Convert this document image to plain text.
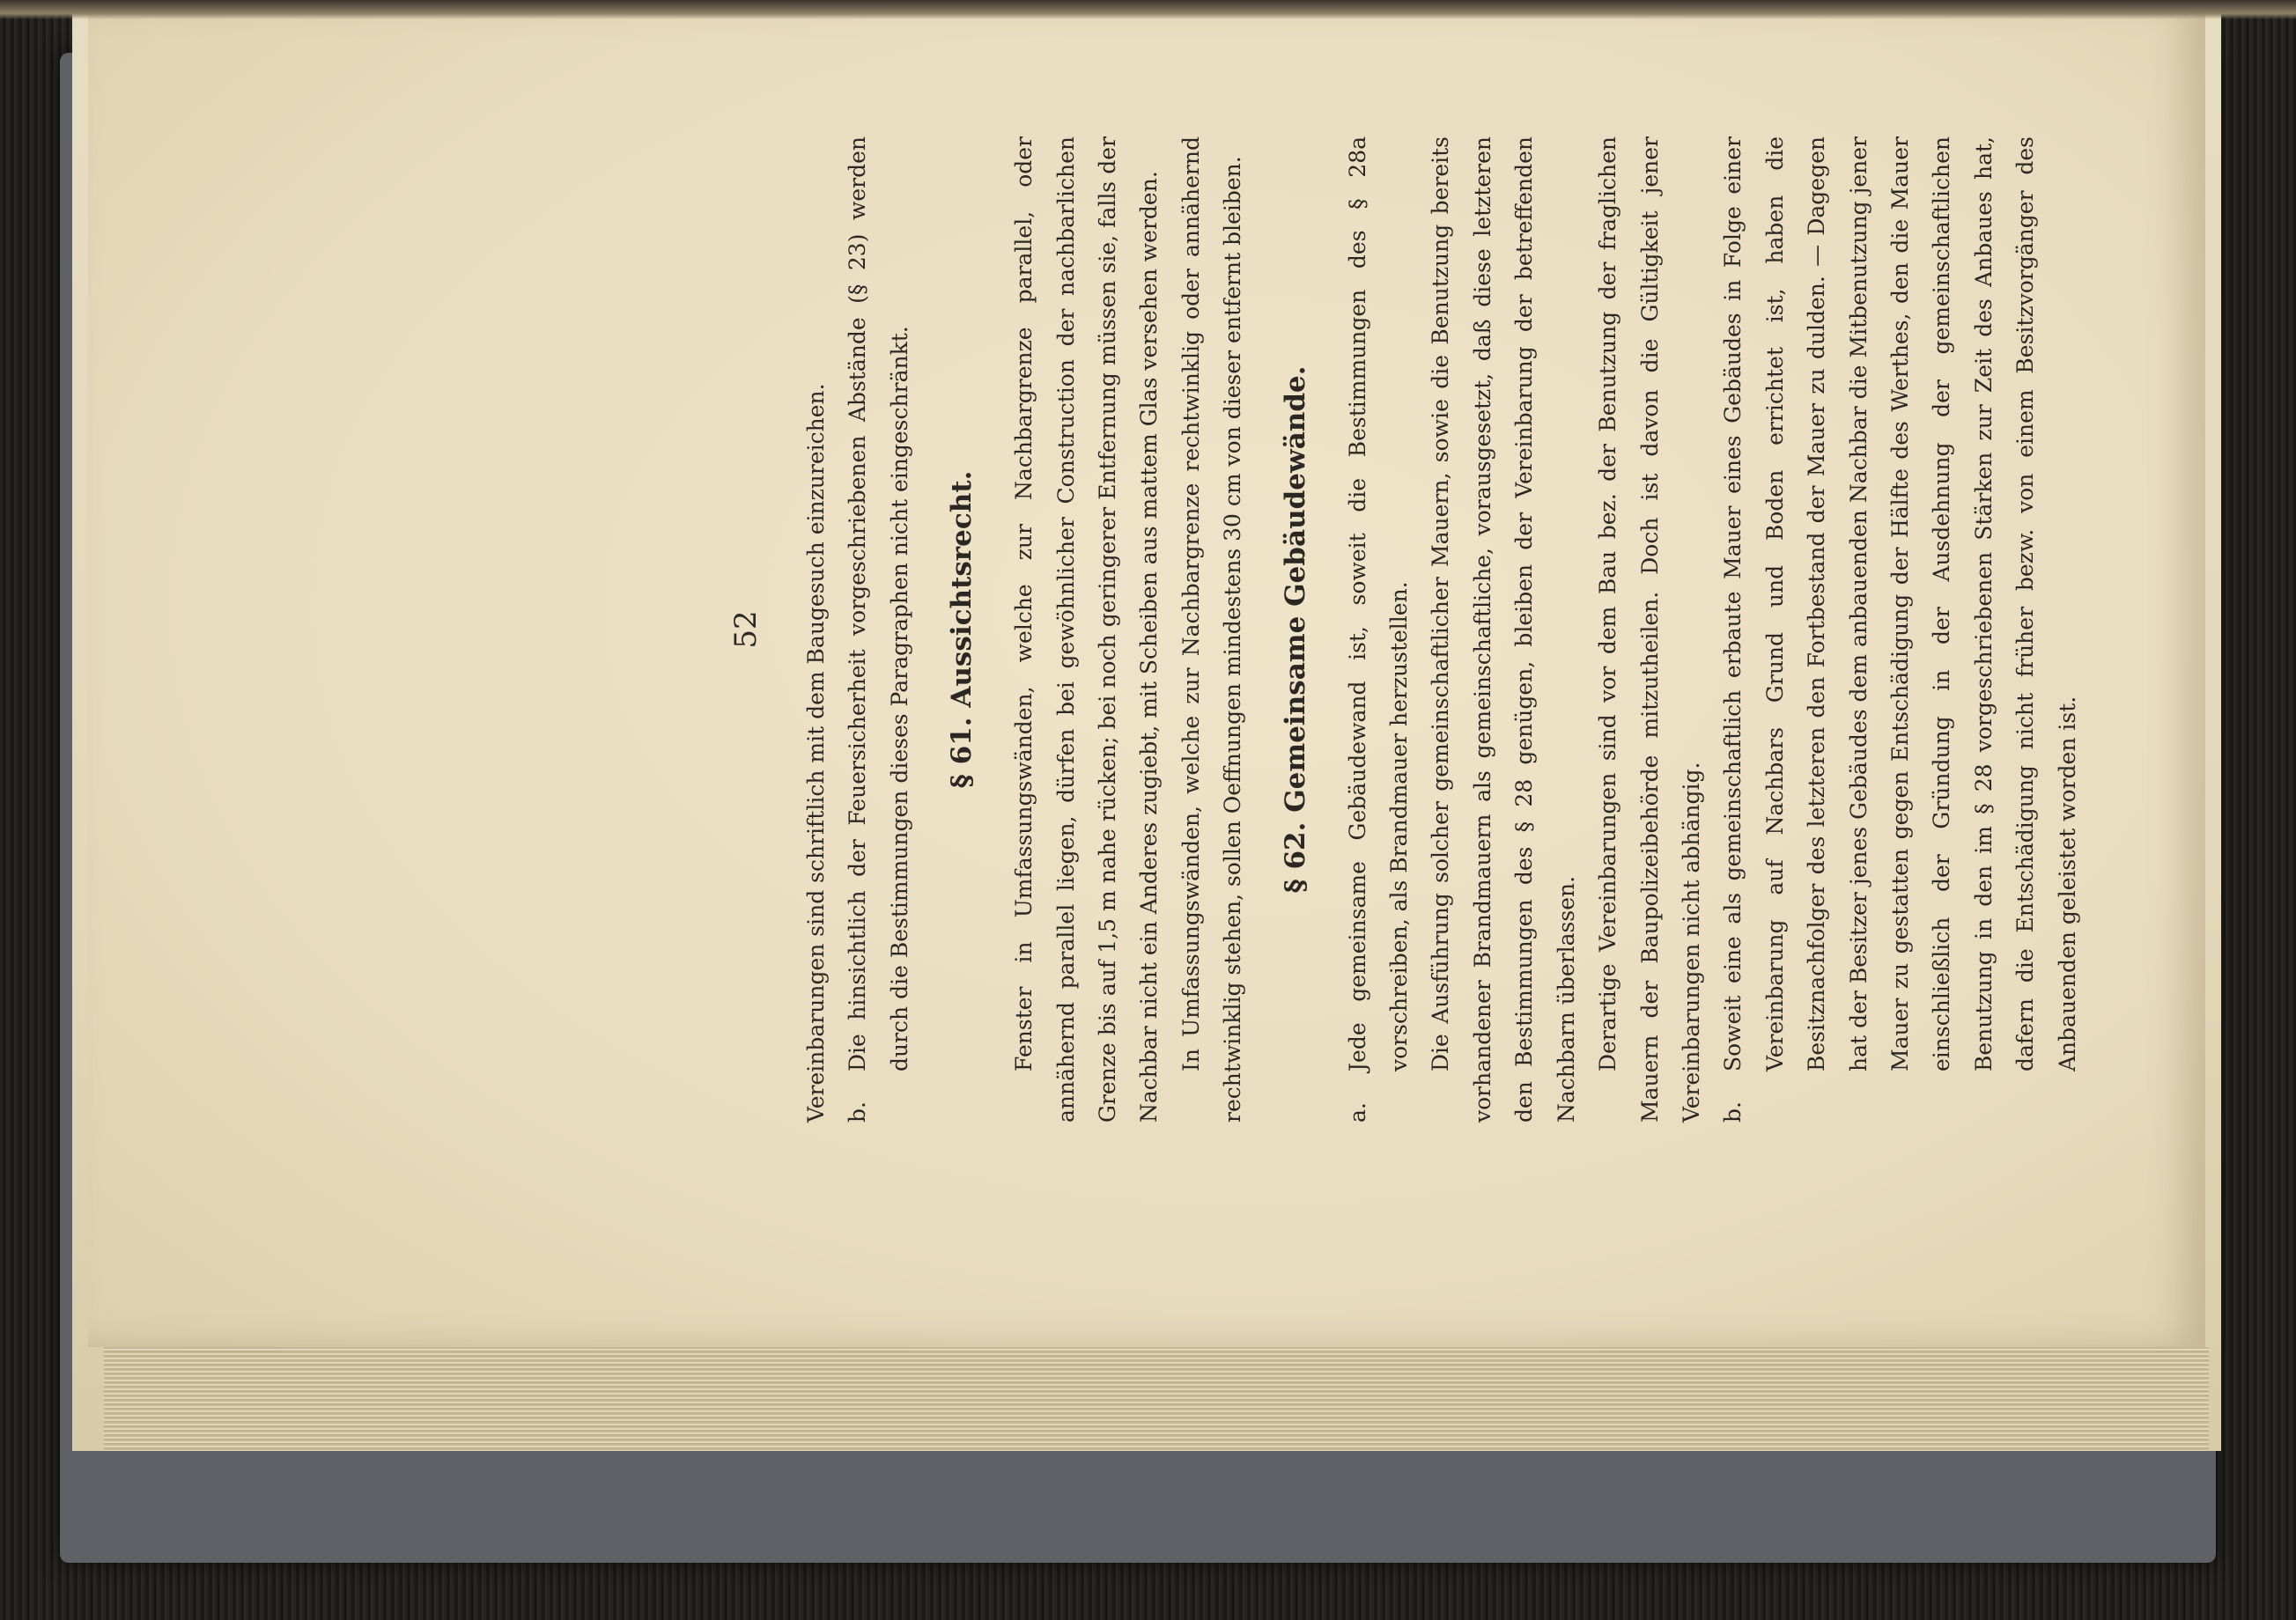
52	Vereinbarungen sind schriftlich mit dem Baugesuch einzureichen. b.Die hinsichtlich der Feuersicherheit vorgeschriebenen Abstände (§ 23) werden durch die Bestimmungen dieses Paragraphen nicht eingeschränkt.	§ 61. Aussichtsrecht.	Fenster in Umfassungswänden, welche zur Nachbargrenze parallel, oder annähernd parallel liegen, dürfen bei gewöhnlicher Construction der nachbarlichen Grenze bis auf 1,5 m nahe rücken; bei noch geringerer Entfernung müssen sie, falls der Nachbar nicht ein Anderes zugiebt, mit Scheiben aus mattem Glas versehen werden. In Umfassungswänden, welche zur Nachbargrenze rechtwinklig oder annähernd rechtwinklig stehen, sollen Oeffnungen mindestens 30 cm von dieser entfernt bleiben.	§ 62. Gemeinsame Gebäudewände.

a.Jede gemeinsame Gebäudewand ist, soweit die Bestimmungen des § 28a vorschreiben, als Brandmauer herzustellen. Die Ausführung solcher gemeinschaftlicher Mauern, sowie die Benutzung bereits vorhandener Brandmauern als gemeinschaftliche, vorausgesetzt, daß diese letzteren den Bestimmungen des § 28 genügen, bleiben der Vereinbarung der betreffenden Nachbarn überlassen. Derartige Vereinbarungen sind vor dem Bau bez. der Benutzung der fraglichen Mauern der Baupolizeibehörde mitzutheilen. Doch ist davon die Gültigkeit jener Vereinbarungen nicht abhängig. b.Soweit eine als gemeinschaftlich erbaute Mauer eines Gebäudes in Folge einer Vereinbarung auf Nachbars Grund und Boden errichtet ist, haben die Besitznachfolger des letzteren den Fortbestand der Mauer zu dulden. — Dagegen hat der Besitzer jenes Gebäudes dem anbauenden Nachbar die Mitbenutzung jener Mauer zu gestatten gegen Entschädigung der Hälfte des Werthes, den die Mauer einschließlich der Gründung in der Ausdehnung der gemeinschaftlichen Benutzung in den im § 28 vorgeschriebenen Stärken zur Zeit des Anbaues hat, dafern die Entschädigung nicht früher bezw. von einem Besitzvorgänger des Anbauenden geleistet worden ist.
